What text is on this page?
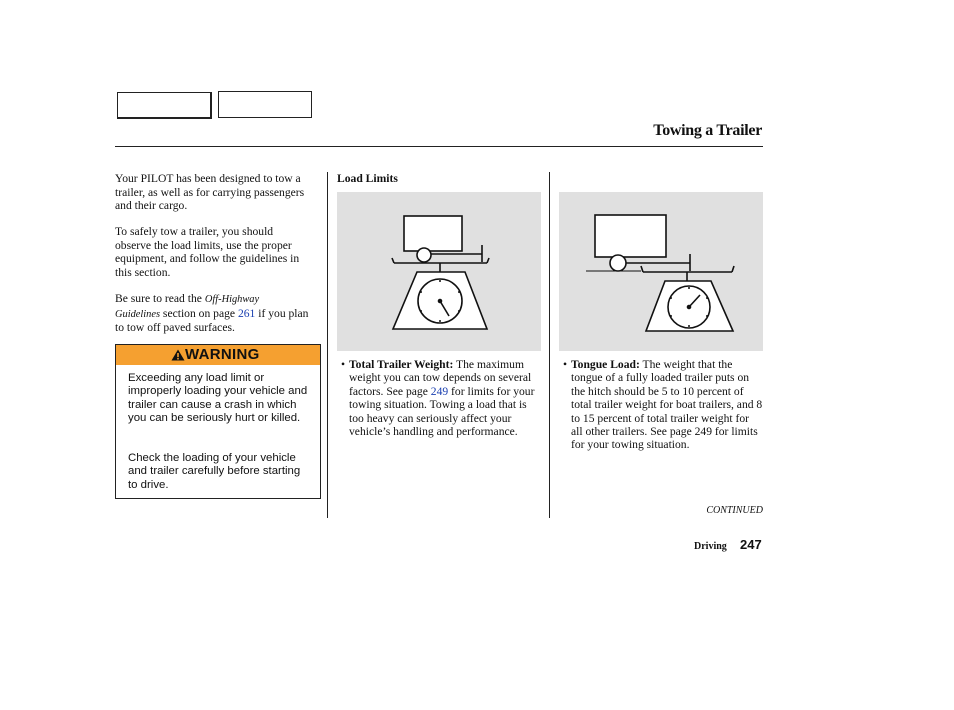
Towing a Trailer

Your PILOT has been designed to tow a trailer, as well as for carrying passengers and their cargo.

To safely tow a trailer, you should observe the load limits, use the proper equipment, and follow the guidelines in this section.

Be sure to read the Off-Highway
Guidelines section on page 261 if you plan to tow off paved surfaces.

WARNING
Exceeding any load limit or improperly loading your vehicle and trailer can cause a crash in which you can be seriously hurt or killed.
Check the loading of your vehicle and trailer carefully before starting to drive.
Load Limits
• Total Trailer Weight: The maximum weight you can tow depends on several factors. See page 249 for limits for your towing situation. Towing a load that is too heavy can seriously affect your vehicle’s handling and performance.
• Tongue Load: The weight that the tongue of a fully loaded trailer puts on the hitch should be 5 to 10 percent of total trailer weight for boat trailers, and 8 to 15 percent of total trailer weight for all other trailers. See page 249 for limits for your towing situation.
CONTINUED
Driving 247
